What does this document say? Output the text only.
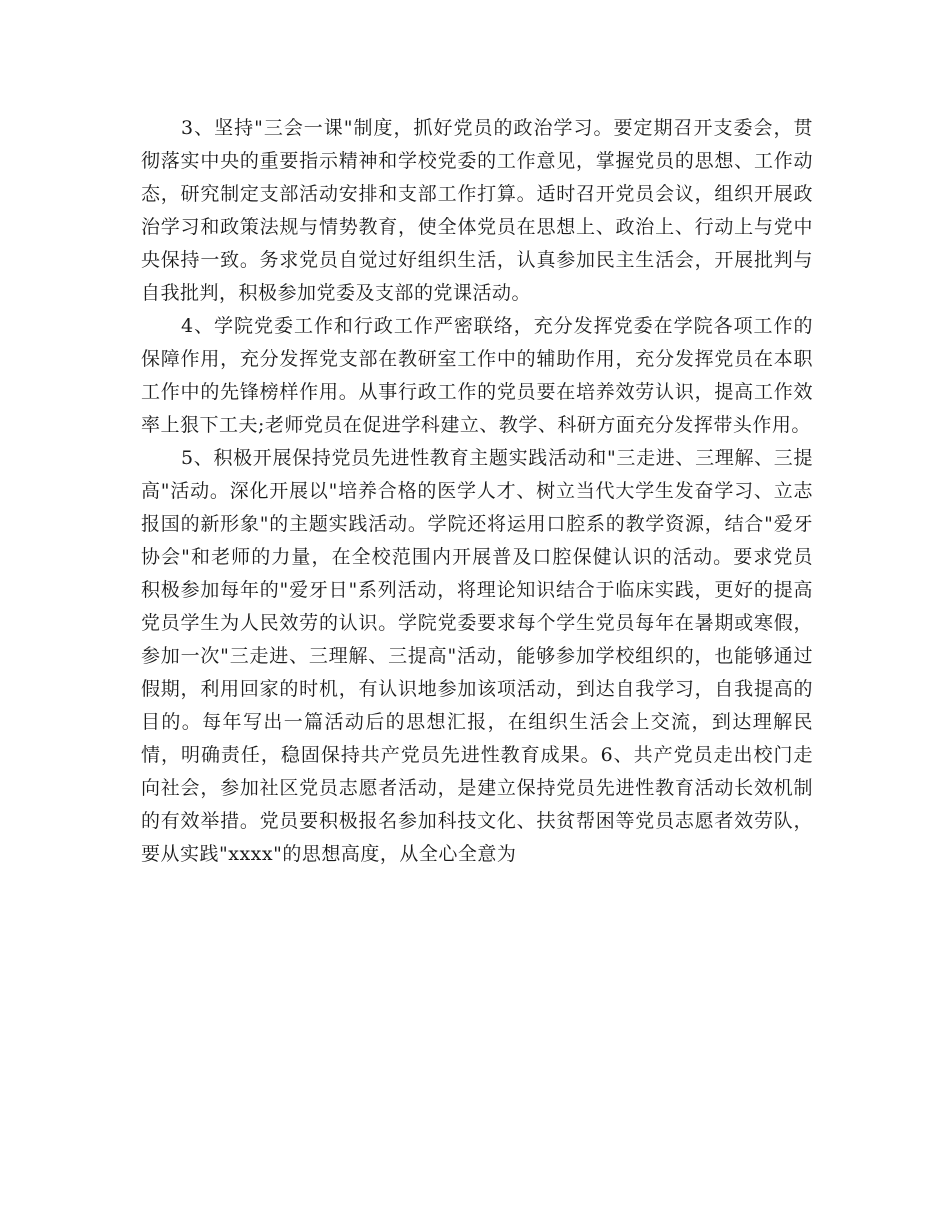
3、坚持"三会一课"制度，抓好党员的政治学习。要定期召开支委会，贯彻落实中央的重要指示精神和学校党委的工作意见，掌握党员的思想、工作动态，研究制定支部活动安排和支部工作打算。适时召开党员会议，组织开展政治学习和政策法规与情势教育，使全体党员在思想上、政治上、行动上与党中央保持一致。务求党员自觉过好组织生活，认真参加民主生活会，开展批判与自我批判，积极参加党委及支部的党课活动。

4、学院党委工作和行政工作严密联络，充分发挥党委在学院各项工作的保障作用，充分发挥党支部在教研室工作中的辅助作用，充分发挥党员在本职工作中的先锋榜样作用。从事行政工作的党员要在培养效劳认识，提高工作效率上狠下工夫;老师党员在促进学科建立、教学、科研方面充分发挥带头作用。

5、积极开展保持党员先进性教育主题实践活动和"三走进、三理解、三提高"活动。深化开展以"培养合格的医学人才、树立当代大学生发奋学习、立志报国的新形象"的主题实践活动。学院还将运用口腔系的教学资源，结合"爱牙协会"和老师的力量，在全校范围内开展普及口腔保健认识的活动。要求党员积极参加每年的"爱牙日"系列活动，将理论知识结合于临床实践，更好的提高党员学生为人民效劳的认识。学院党委要求每个学生党员每年在暑期或寒假，参加一次"三走进、三理解、三提高"活动，能够参加学校组织的，也能够通过假期，利用回家的时机，有认识地参加该项活动，到达自我学习，自我提高的目的。每年写出一篇活动后的思想汇报，在组织生活会上交流，到达理解民情，明确责任，稳固保持共产党员先进性教育成果。6、共产党员走出校门走向社会，参加社区党员志愿者活动，是建立保持党员先进性教育活动长效机制的有效举措。党员要积极报名参加科技文化、扶贫帮困等党员志愿者效劳队，要从实践"xxxx"的思想高度，从全心全意为
